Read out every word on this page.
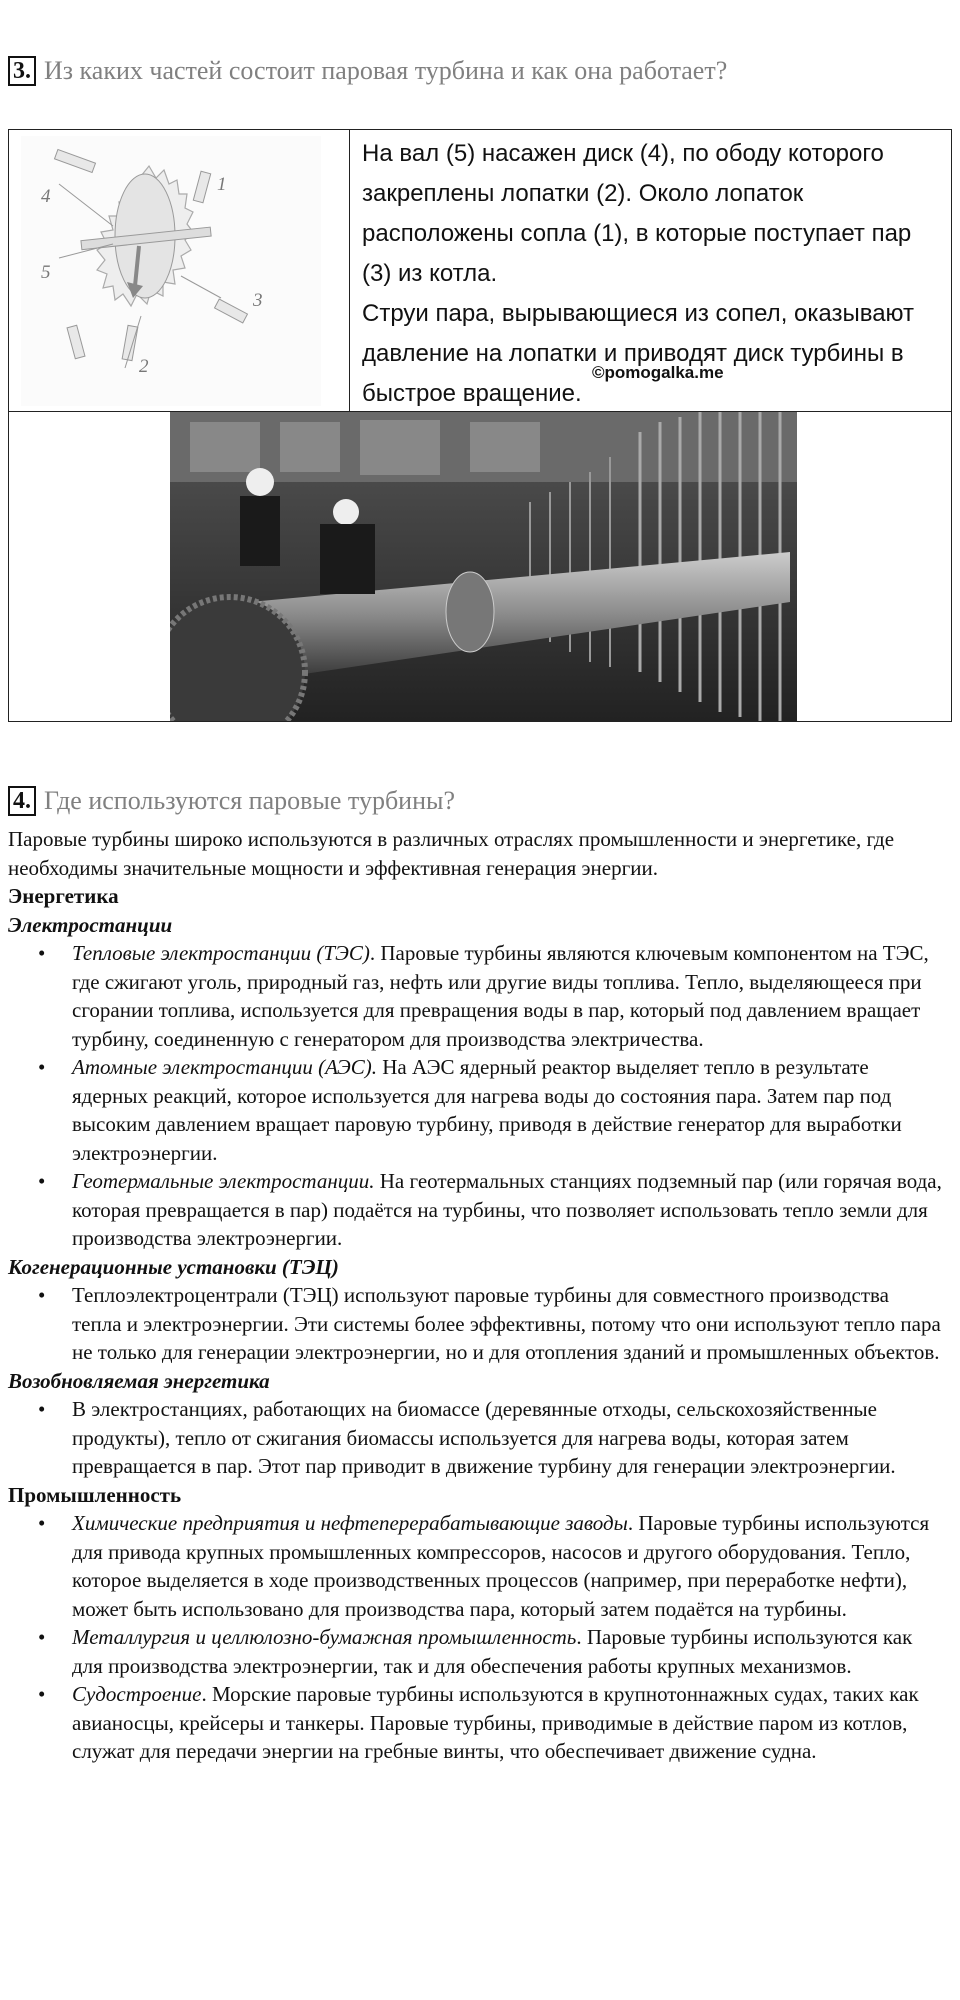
3. Из каких частей состоит паровая турбина и как она работает?
1
2
3
4
5

На вал (5) насажен диск (4), по ободу которого закреплены лопатки (2). Около лопаток расположены сопла (1), в которые поступает пар (3) из котла.

Струи пара, вырывающиеся из сопел, оказывают давление на лопатки и приводят диск турбины в быстрое вращение.

©pomogalka.me
4. Где используются паровые турбины?

Паровые турбины широко используются в различных отраслях промышленности и энергетике, где необходимы значительные мощности и эффективная генерация энергии.

Энергетика

Электростанции

• Тепловые электростанции (ТЭС). Паровые турбины являются ключевым компонентом на ТЭС, где сжигают уголь, природный газ, нефть или другие виды топлива. Тепло, выделяющееся при сгорании топлива, используется для превращения воды в пар, который под давлением вращает турбину, соединенную с генератором для производства электричества.
• Атомные электростанции (АЭС). На АЭС ядерный реактор выделяет тепло в результате ядерных реакций, которое используется для нагрева воды до состояния пара. Затем пар под высоким давлением вращает паровую турбину, приводя в действие генератор для выработки электроэнергии.
• Геотермальные электростанции. На геотермальных станциях подземный пар (или горячая вода, которая превращается в пар) подаётся на турбины, что позволяет использовать тепло земли для производства электроэнергии.

Когенерационные установки (ТЭЦ)

• Теплоэлектроцентрали (ТЭЦ) используют паровые турбины для совместного производства тепла и электроэнергии. Эти системы более эффективны, потому что они используют тепло пара не только для генерации электроэнергии, но и для отопления зданий и промышленных объектов.

Возобновляемая энергетика

• В электростанциях, работающих на биомассе (деревянные отходы, сельскохозяйственные продукты), тепло от сжигания биомассы используется для нагрева воды, которая затем превращается в пар. Этот пар приводит в движение турбину для генерации электроэнергии.

Промышленность

• Химические предприятия и нефтеперерабатывающие заводы. Паровые турбины используются для привода крупных промышленных компрессоров, насосов и другого оборудования. Тепло, которое выделяется в ходе производственных процессов (например, при переработке нефти), может быть использовано для производства пара, который затем подаётся на турбины.
• Металлургия и целлюлозно-бумажная промышленность. Паровые турбины используются как для производства электроэнергии, так и для обеспечения работы крупных механизмов.
• Судостроение. Морские паровые турбины используются в крупнотоннажных судах, таких как авианосцы, крейсеры и танкеры. Паровые турбины, приводимые в действие паром из котлов, служат для передачи энергии на гребные винты, что обеспечивает движение судна.
